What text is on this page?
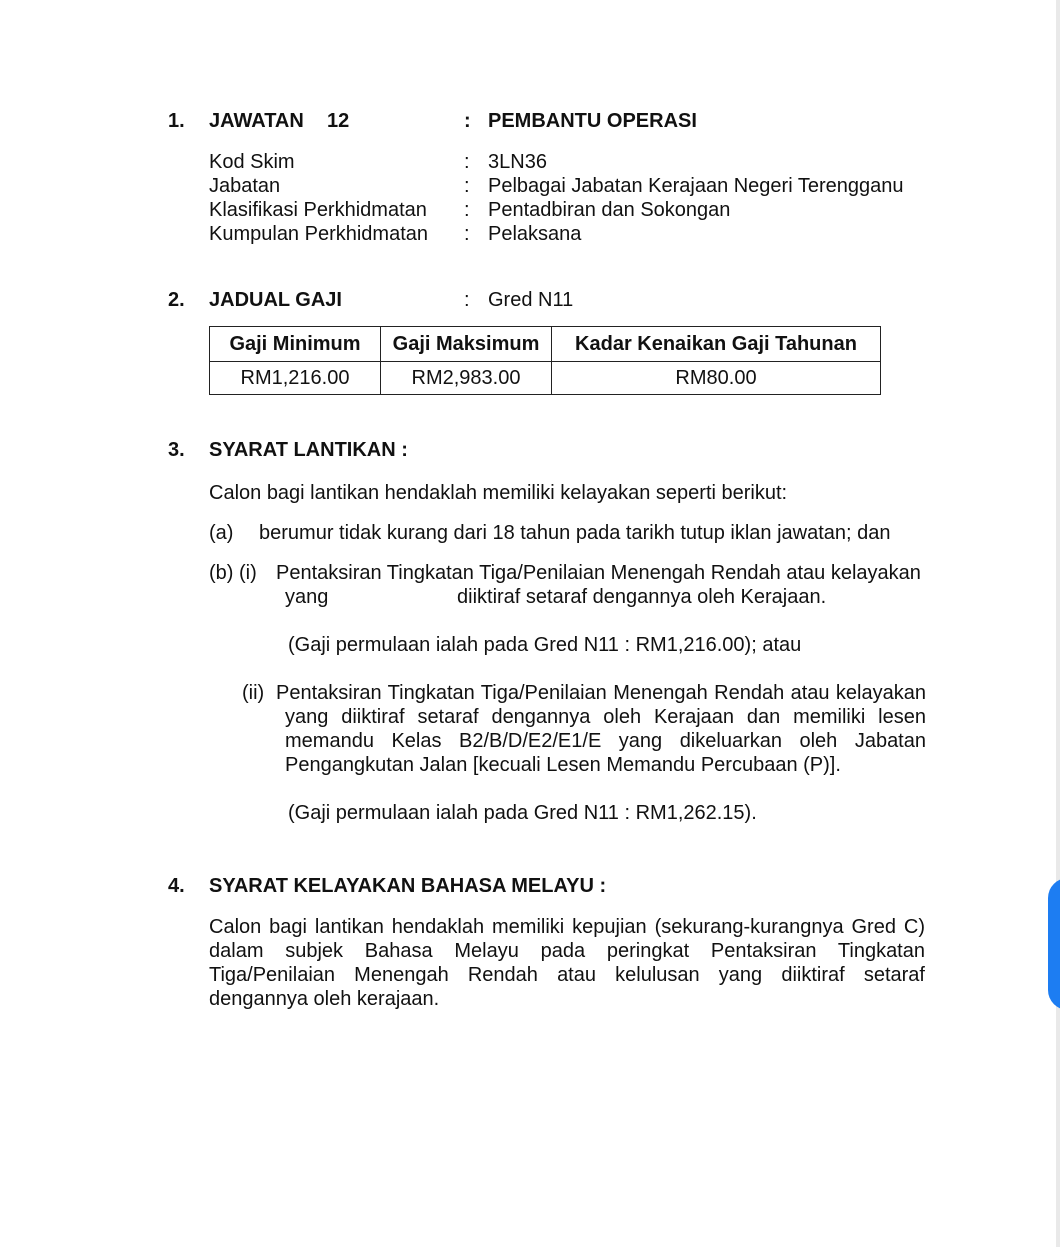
1. JAWATAN 12	: PEMBANTU OPERASI
Kod Skim	: 3LN36
Jabatan	: Pelbagai Jabatan Kerajaan Negeri Terengganu
Klasifikasi Perkhidmatan : Pentadbiran dan Sokongan
Kumpulan Perkhidmatan : Pelaksana
2. JADUAL GAJI	: Gred N11
Gaji Minimum	Gaji Maksimum	Kadar Kenaikan Gaji Tahunan
RM1,216.00	RM2,983.00	RM80.00
3. SYARAT LANTIKAN :
Calon bagi lantikan hendaklah memiliki kelayakan seperti berikut:
(a) berumur tidak kurang dari 18 tahun pada tarikh tutup iklan jawatan; dan
(b) (i) Pentaksiran Tingkatan Tiga/Penilaian Menengah Rendah atau kelayakan
yang	diiktiraf setaraf dengannya oleh Kerajaan.
(Gaji permulaan ialah pada Gred N11 : RM1,216.00); atau
(ii) Pentaksiran Tingkatan Tiga/Penilaian Menengah Rendah atau kelayakan
yang diiktiraf setaraf dengannya oleh Kerajaan dan memiliki lesen
memandu Kelas B2/B/D/E2/E1/E yang dikeluarkan oleh Jabatan
Pengangkutan Jalan [kecuali Lesen Memandu Percubaan (P)].
(Gaji permulaan ialah pada Gred N11 : RM1,262.15).
4. SYARAT KELAYAKAN BAHASA MELAYU :
Calon bagi lantikan hendaklah memiliki kepujian (sekurang-kurangnya Gred C)
dalam subjek Bahasa Melayu pada peringkat Pentaksiran Tingkatan
Tiga/Penilaian Menengah Rendah atau kelulusan yang diiktiraf setaraf
dengannya oleh kerajaan.
